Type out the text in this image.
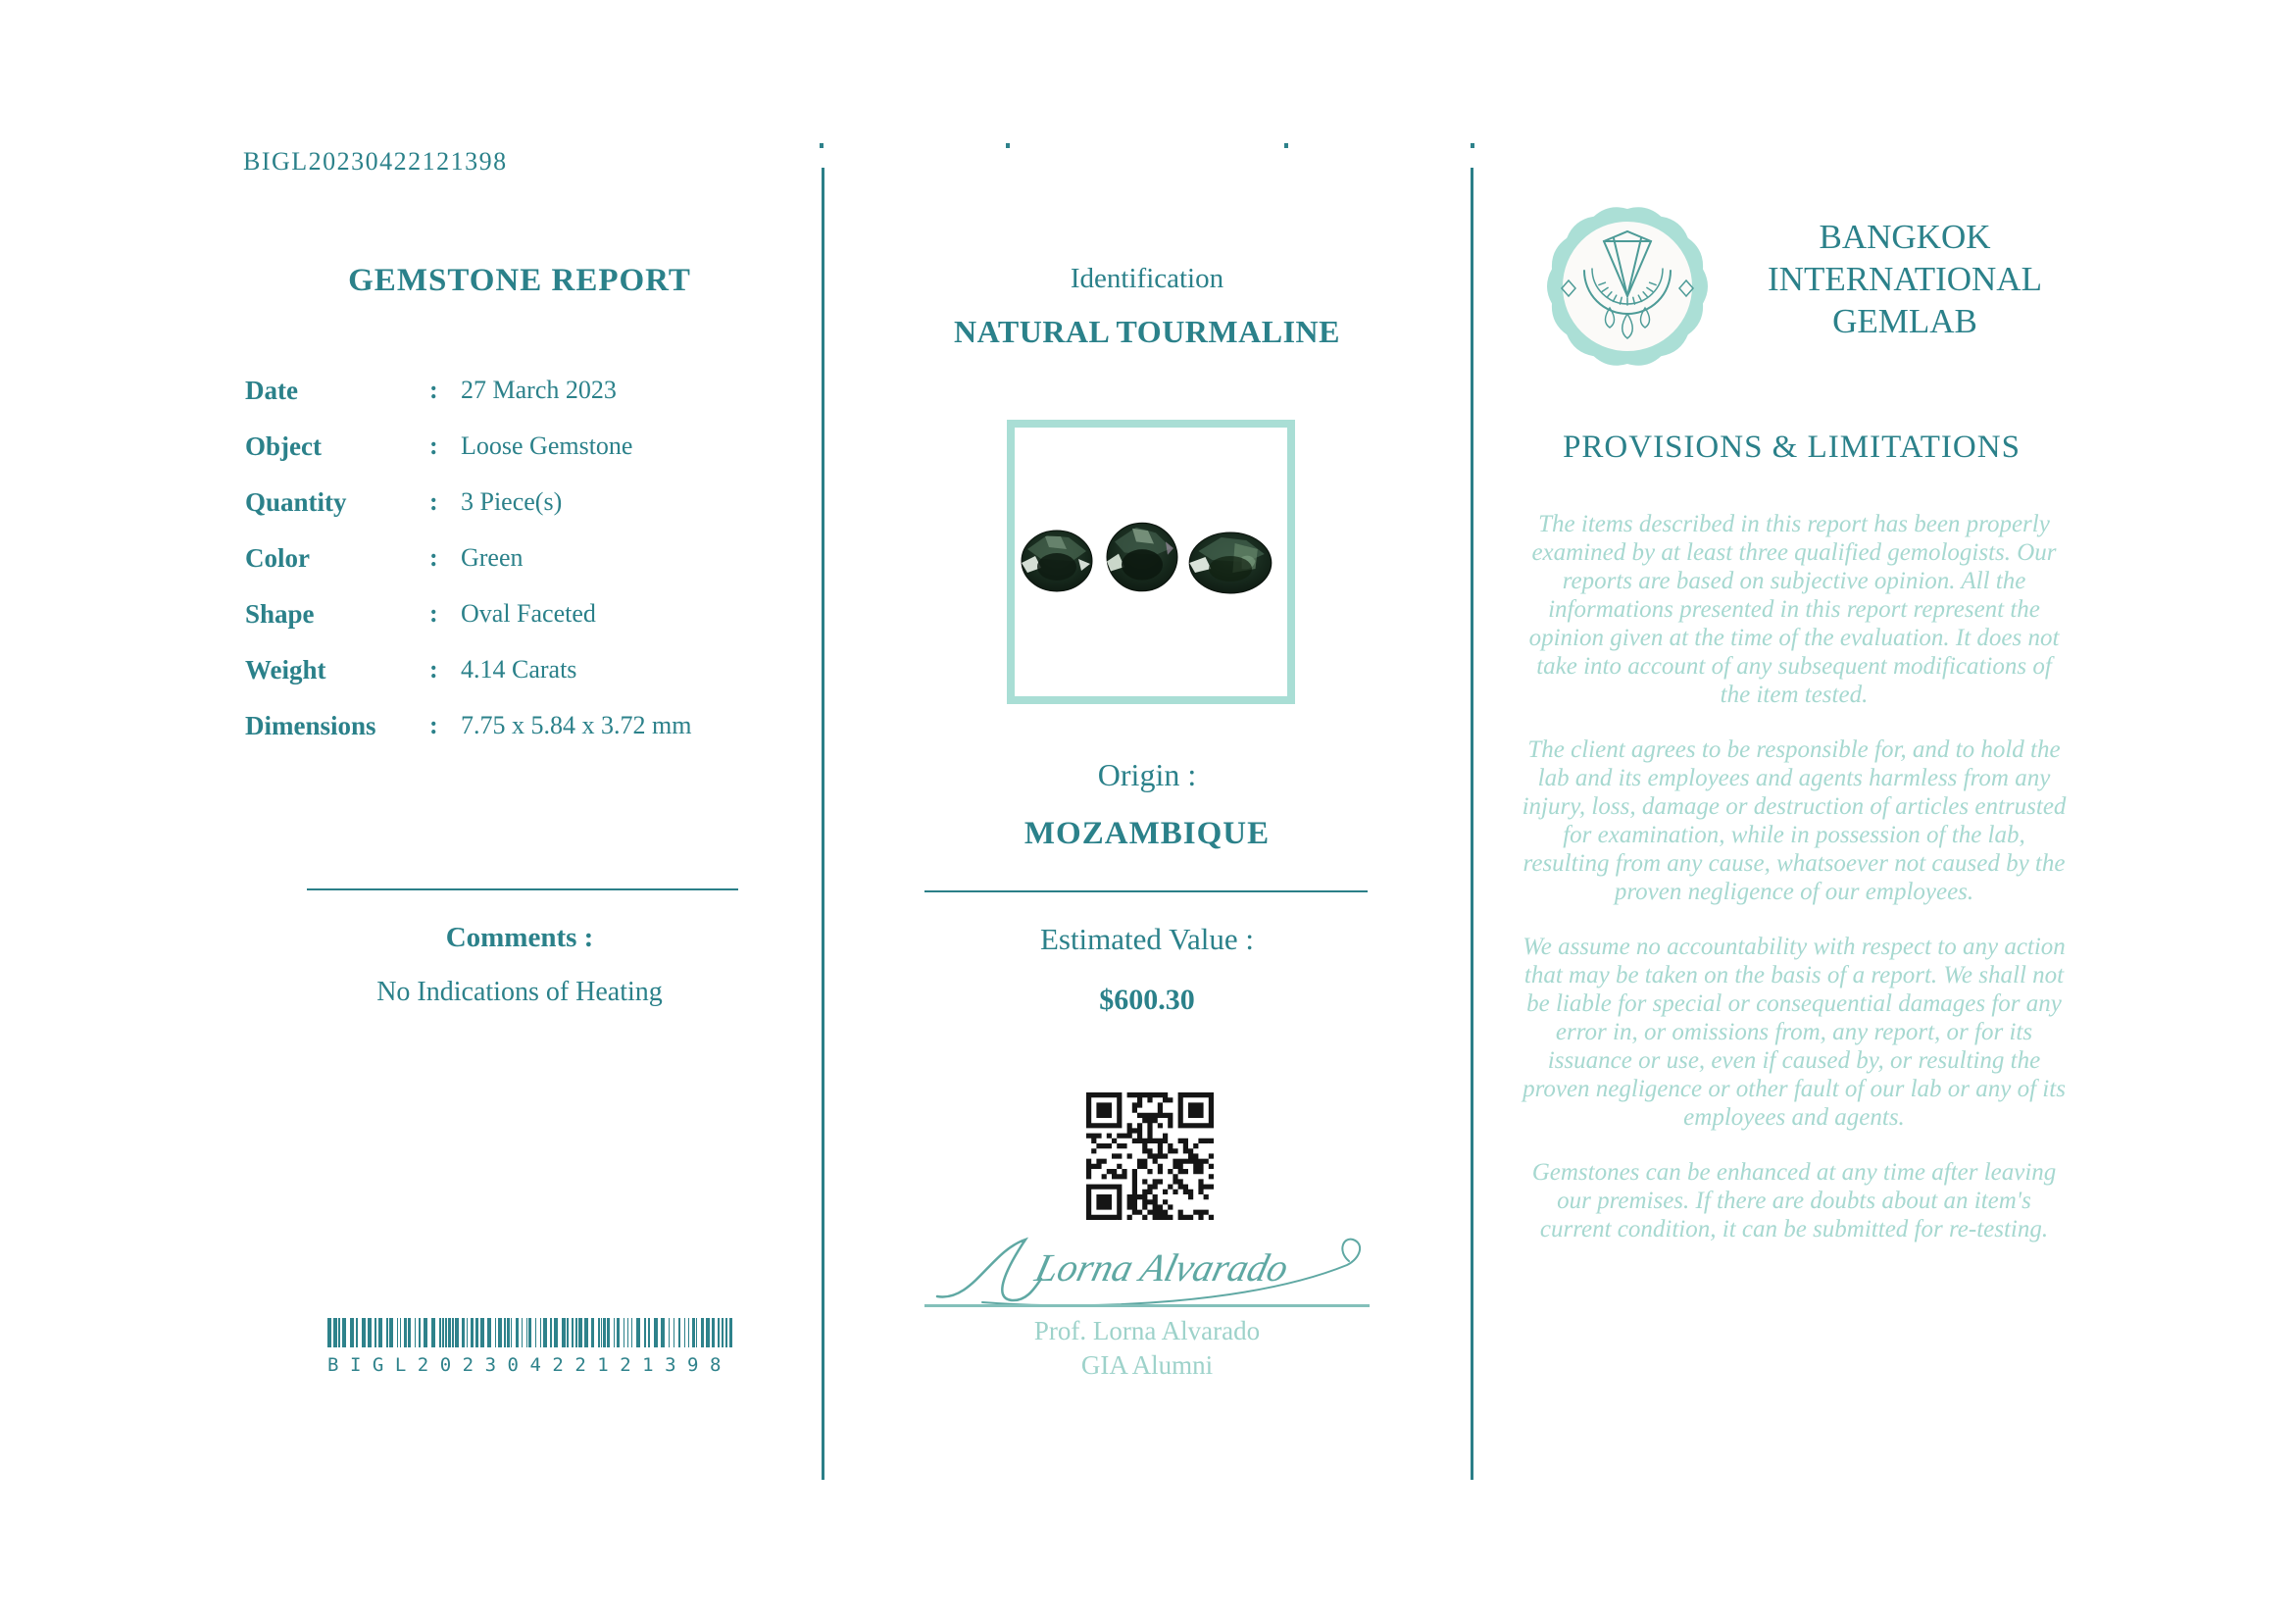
BIGL20230422121398
GEMSTONE REPORT
Date	: 27 March 2023
Object	: Loose Gemstone
Quantity	: 3 Piece(s)
Color	: Green
Shape	: Oval Faceted
Weight	: 4.14 Carats
Dimensions	: 7.75 x 5.84 x 3.72 mm
Comments :
No Indications of Heating
BIGL20230422121398
Identification
NATURAL TOURMALINE
Origin :
MOZAMBIQUE
Estimated Value :
$600.30
Lorna Alvarado
Prof. Lorna Alvarado
GIA Alumni
BANGKOK
INTERNATIONAL
GEMLAB
PROVISIONS & LIMITATIONS

The items described in this report has been properly examined by at least three qualified gemologists. Our reports are based on subjective opinion. All the informations presented in this report represent the opinion given at the time of the evaluation. It does not take into account of any subsequent modifications of the item tested.

The client agrees to be responsible for, and to hold the lab and its employees and agents harmless from any injury, loss, damage or destruction of articles entrusted for examination, while in possession of the lab, resulting from any cause, whatsoever not caused by the proven negligence of our employees.

We assume no accountability with respect to any action that may be taken on the basis of a report. We shall not be liable for special or consequential damages for any error in, or omissions from, any report, or for its issuance or use, even if caused by, or resulting the proven negligence or other fault of our lab or any of its employees and agents.

Gemstones can be enhanced at any time after leaving our premises. If there are doubts about an item's current condition, it can be submitted for re-testing.
